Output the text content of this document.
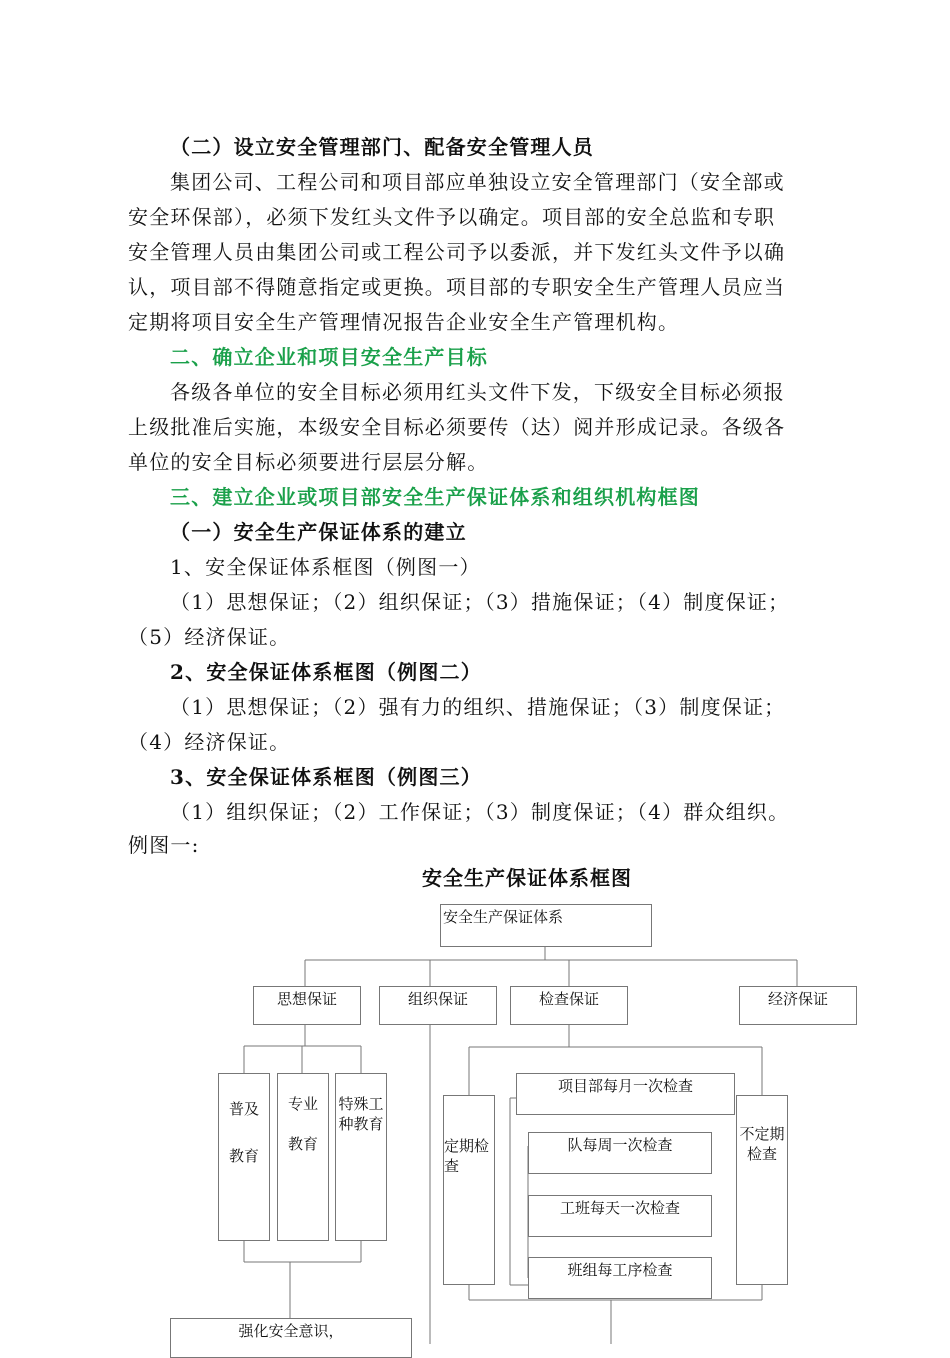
（二）设立安全管理部门、配备安全管理人员
集团公司、工程公司和项目部应单独设立安全管理部门（安全部或
安全环保部），必须下发红头文件予以确定。项目部的安全总监和专职
安全管理人员由集团公司或工程公司予以委派，并下发红头文件予以确
认，项目部不得随意指定或更换。项目部的专职安全生产管理人员应当
定期将项目安全生产管理情况报告企业安全生产管理机构。
二、确立企业和项目安全生产目标
各级各单位的安全目标必须用红头文件下发，下级安全目标必须报
上级批准后实施，本级安全目标必须要传（达）阅并形成记录。各级各
单位的安全目标必须要进行层层分解。
三、建立企业或项目部安全生产保证体系和组织机构框图
（一）安全生产保证体系的建立
1、安全保证体系框图（例图一）
（1）思想保证；（2）组织保证；（3）措施保证；（4）制度保证；
（5）经济保证。
2、安全保证体系框图（例图二）
（1）思想保证；（2）强有力的组织、措施保证；（3）制度保证；
（4）经济保证。
3、安全保证体系框图（例图三）
（1）组织保证；（2）工作保证；（3）制度保证；（4）群众组织。
例图一:
安全生产保证体系框图
安全生产保证体系
思想保证	组织保证	检查保证	经济保证
普及
教育
专业
教育
特殊工
种教育
定期检
查
不定期
检查
项目部每月一次检查
队每周一次检查
工班每天一次检查
班组每工序检查
强化安全意识，
